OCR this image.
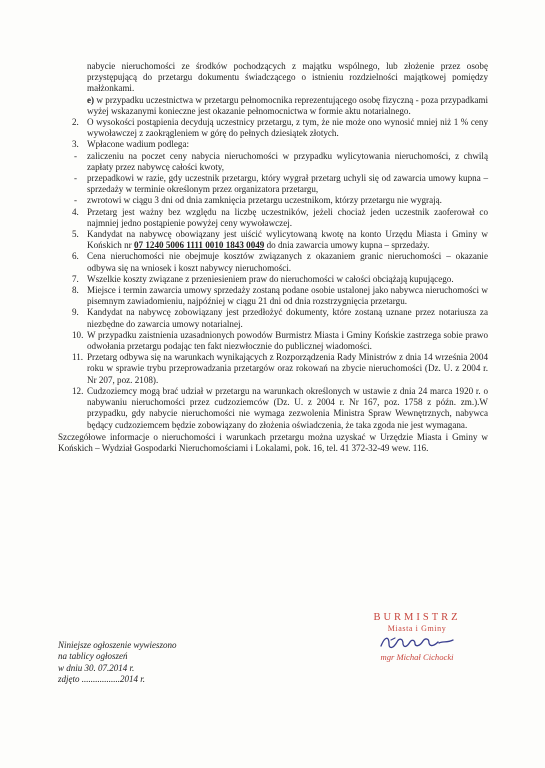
nabycie nieruchomości ze środków pochodzących z majątku wspólnego, lub złożenie przez osobę przystępującą do przetargu dokumentu świadczącego o istnieniu rozdzielności majątkowej pomiędzy małżonkami.

e) w przypadku uczestnictwa w przetargu pełnomocnika reprezentującego osobę fizyczną - poza przypadkami wyżej wskazanymi konieczne jest okazanie pełnomocnictwa w formie aktu notarialnego.

2. O wysokości postąpienia decydują uczestnicy przetargu, z tym, że nie może ono wynosić mniej niż 1 % ceny wywoławczej z zaokrągleniem w górę do pełnych dziesiątek złotych.
3. Wpłacone wadium podlega:
- zaliczeniu na poczet ceny nabycia nieruchomości w przypadku wylicytowania nieruchomości, z chwilą zapłaty przez nabywcę całości kwoty,
- przepadkowi w razie, gdy uczestnik przetargu, który wygrał przetarg uchyli się od zawarcia umowy kupna – sprzedaży w terminie określonym przez organizatora przetargu,
- zwrotowi w ciągu 3 dni od dnia zamknięcia przetargu uczestnikom, którzy przetargu nie wygrają.
4. Przetarg jest ważny bez względu na liczbę uczestników, jeżeli chociaż jeden uczestnik zaoferował co najmniej jedno postąpienie powyżej ceny wywoławczej.
5. Kandydat na nabywcę obowiązany jest uiścić wylicytowaną kwotę na konto Urzędu Miasta i Gminy w Końskich nr 07 1240 5006 1111 0010 1843 0049 do dnia zawarcia umowy kupna – sprzedaży.
6. Cena nieruchomości nie obejmuje kosztów związanych z okazaniem granic nieruchomości – okazanie odbywa się na wniosek i koszt nabywcy nieruchomości.
7. Wszelkie koszty związane z przeniesieniem praw do nieruchomości w całości obciążają kupującego.
8. Miejsce i termin zawarcia umowy sprzedaży zostaną podane osobie ustalonej jako nabywca nieruchomości w pisemnym zawiadomieniu, najpóźniej w ciągu 21 dni od dnia rozstrzygnięcia przetargu.
9. Kandydat na nabywcę zobowiązany jest przedłożyć dokumenty, które zostaną uznane przez notariusza za niezbędne do zawarcia umowy notarialnej.
10. W przypadku zaistnienia uzasadnionych powodów Burmistrz Miasta i Gminy Końskie zastrzega sobie prawo odwołania przetargu podając ten fakt niezwłocznie do publicznej wiadomości.
11. Przetarg odbywa się na warunkach wynikających z Rozporządzenia Rady Ministrów z dnia 14 września 2004 roku w sprawie trybu przeprowadzania przetargów oraz rokowań na zbycie nieruchomości (Dz. U. z 2004 r. Nr 207, poz. 2108).
12. Cudzoziemcy mogą brać udział w przetargu na warunkach określonych w ustawie z dnia 24 marca 1920 r. o nabywaniu nieruchomości przez cudzoziemców (Dz. U. z 2004 r. Nr 167, poz. 1758 z późn. zm.).W przypadku, gdy nabycie nieruchomości nie wymaga zezwolenia Ministra Spraw Wewnętrznych, nabywca będący cudzoziemcem będzie zobowiązany do złożenia oświadczenia, że taka zgoda nie jest wymagana.

Szczegółowe informacje o nieruchomości i warunkach przetargu można uzyskać w Urzędzie Miasta i Gminy w Końskich – Wydział Gospodarki Nieruchomościami i Lokalami, pok. 16, tel. 41 372-32-49 wew. 116.

Niniejsze ogłoszenie wywieszono
na tablicy ogłoszeń
w dniu 30. 07.2014 r.
zdjęto .................2014 r.
BURMISTRZ
Miasta i Gminy
mgr Michał Cichocki
